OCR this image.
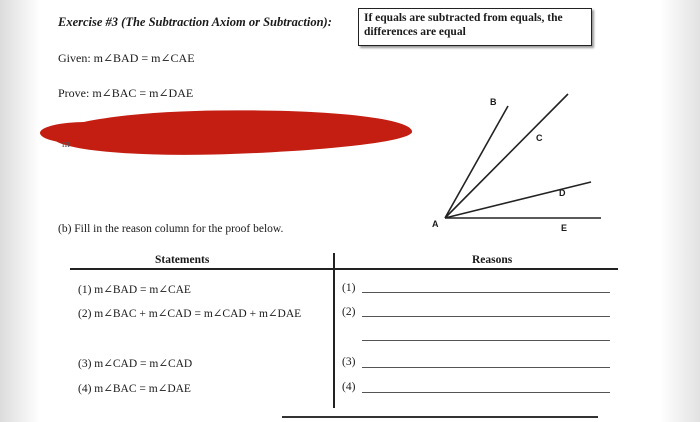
Exercise #3 (The Subtraction Axiom or Subtraction):	If equals are subtracted from equals, the differences are equal
Given: m∠BAD = m∠CAE
Prove: m∠BAC = m∠DAE
m
A
B
C
D
E
(b) Fill in the reason column for the proof below.
Statements	Reasons
(1) m∠BAD = m∠CAE	(1)
(2) m∠BAC + m∠CAD = m∠CAD + m∠DAE	(2)
(3) m∠CAD = m∠CAD	(3)
(4) m∠BAC = m∠DAE	(4)
